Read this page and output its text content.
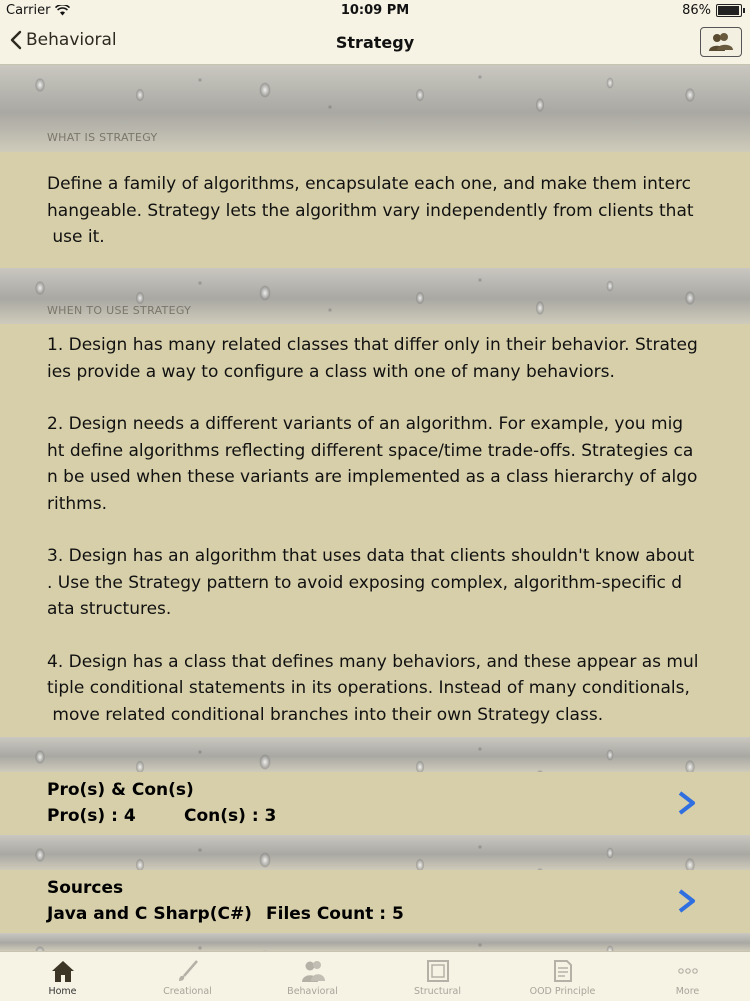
Carrier	10:09 PM	86%
Behavioral	Strategy
WHAT IS STRATEGY
Define a family of algorithms, encapsulate each one, and make them interc
hangeable. Strategy lets the algorithm vary independently from clients that
use it.
WHEN TO USE STRATEGY
1. Design has many related classes that differ only in their behavior. Strateg
ies provide a way to configure a class with one of many behaviors.
2. Design needs a different variants of an algorithm. For example, you mig
ht define algorithms reflecting different space/time trade-offs. Strategies ca
n be used when these variants are implemented as a class hierarchy of algo
rithms.
3. Design has an algorithm that uses data that clients shouldn't know about
. Use the Strategy pattern to avoid exposing complex, algorithm-specific d
ata structures.
4. Design has a class that defines many behaviors, and these appear as mul
tiple conditional statements in its operations. Instead of many conditionals,
move related conditional branches into their own Strategy class.
Pro(s) & Con(s)
Pro(s) : 4	Con(s) : 3
Sources
Java and C Sharp(C#) Files Count : 5
Home	Creational	Behavioral	Structural	OOD Principle	More
